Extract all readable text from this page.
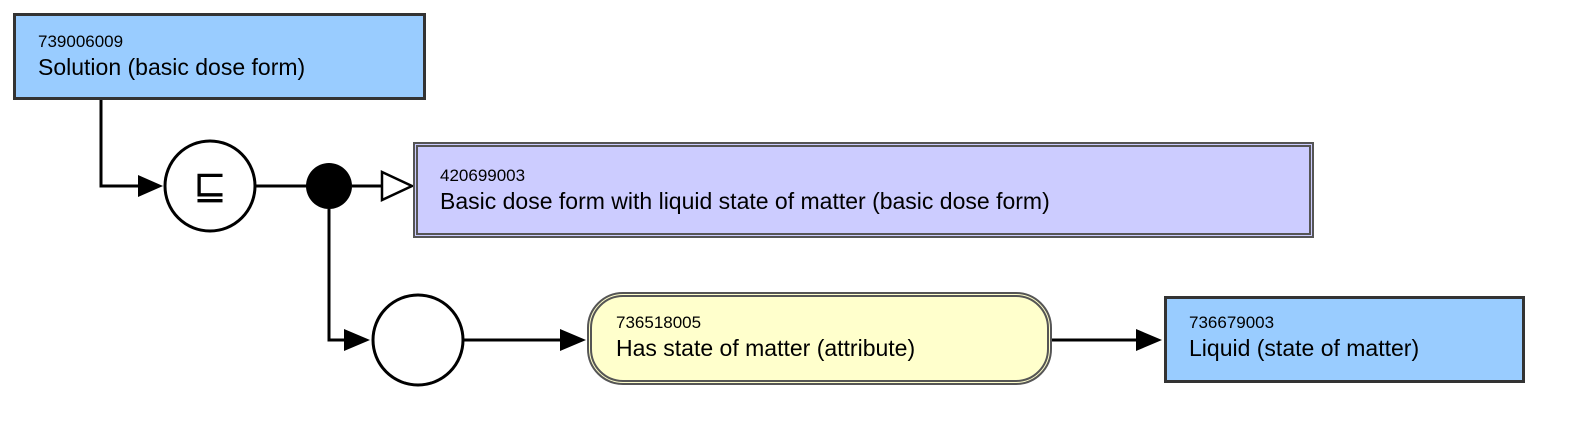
⊑
739006009
Solution (basic dose form)
420699003
Basic dose form with liquid state of matter (basic dose form)
736518005
Has state of matter (attribute)
736679003
Liquid (state of matter)
